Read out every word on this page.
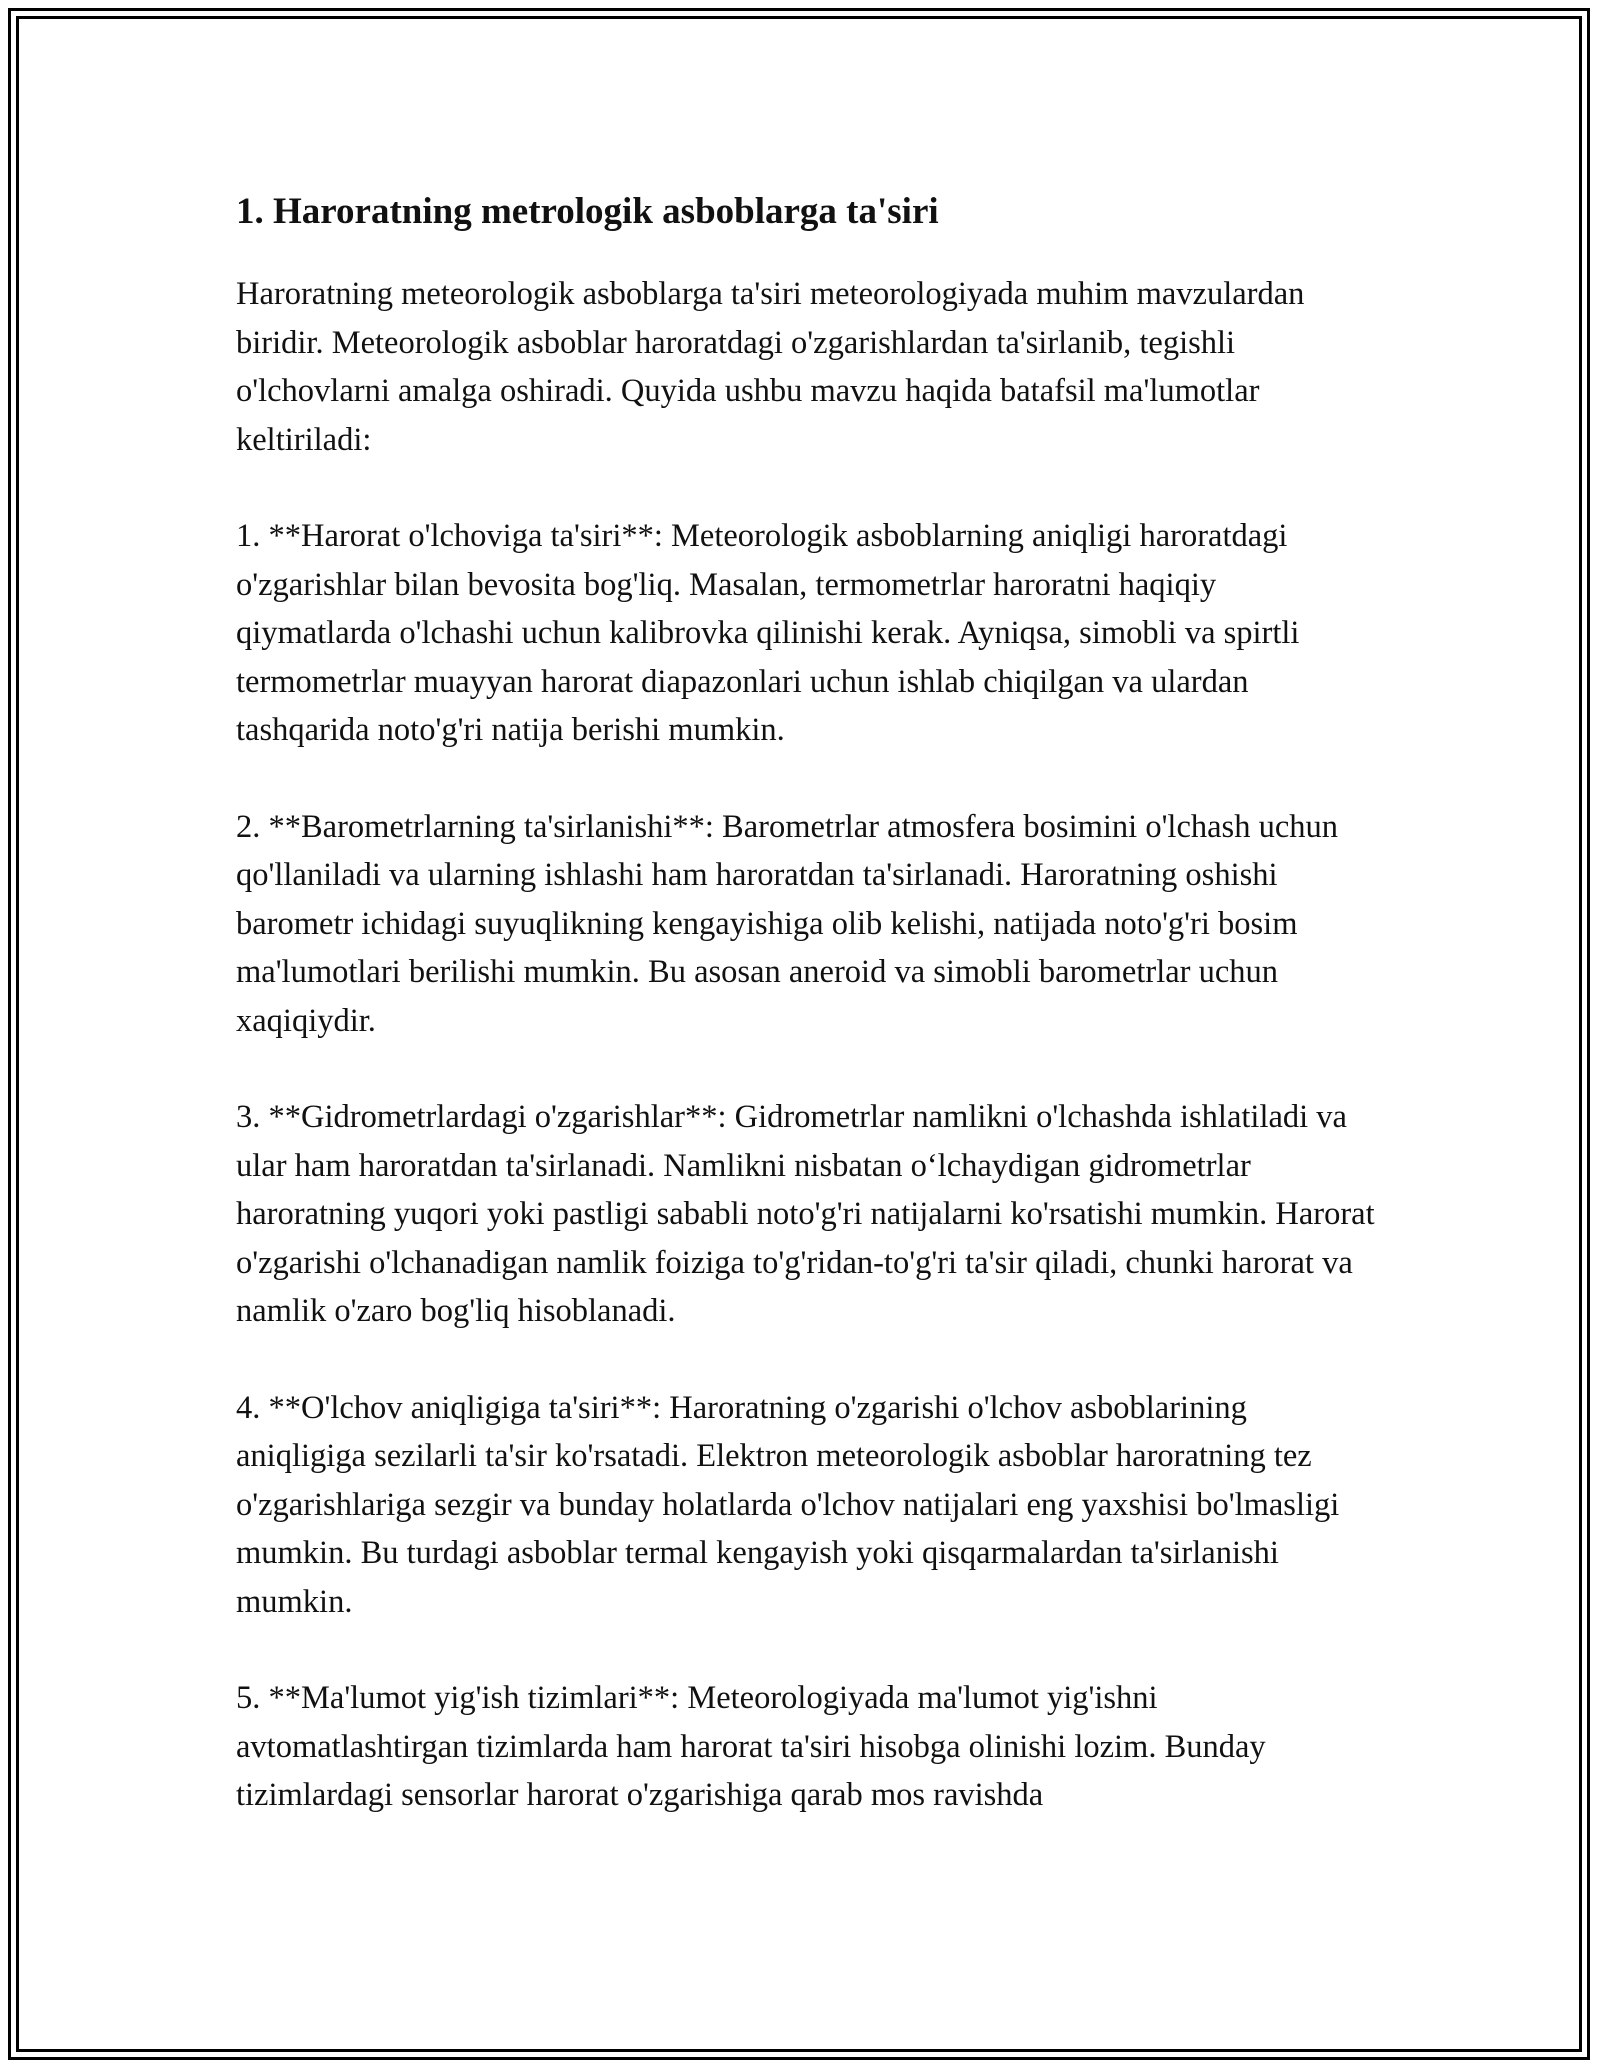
1. Haroratning metrologik asboblarga ta'siri

Haroratning meteorologik asboblarga ta'siri meteorologiyada muhim mavzulardan biridir. Meteorologik asboblar haroratdagi o'zgarishlardan ta'sirlanib, tegishli o'lchovlarni amalga oshiradi. Quyida ushbu mavzu haqida batafsil ma'lumotlar keltiriladi:

1. **Harorat o'lchoviga ta'siri**: Meteorologik asboblarning aniqligi haroratdagi o'zgarishlar bilan bevosita bog'liq. Masalan, termometrlar haroratni haqiqiy qiymatlarda o'lchashi uchun kalibrovka qilinishi kerak. Ayniqsa, simobli va spirtli termometrlar muayyan harorat diapazonlari uchun ishlab chiqilgan va ulardan tashqarida noto'g'ri natija berishi mumkin.

2. **Barometrlarning ta'sirlanishi**: Barometrlar atmosfera bosimini o'lchash uchun qo'llaniladi va ularning ishlashi ham haroratdan ta'sirlanadi. Haroratning oshishi barometr ichidagi suyuqlikning kengayishiga olib kelishi, natijada noto'g'ri bosim ma'lumotlari berilishi mumkin. Bu asosan aneroid va simobli barometrlar uchun xaqiqiydir.

3. **Gidrometrlardagi o'zgarishlar**: Gidrometrlar namlikni o'lchashda ishlatiladi va ular ham haroratdan ta'sirlanadi. Namlikni nisbatan o‘lchaydigan gidrometrlar haroratning yuqori yoki pastligi sababli noto'g'ri natijalarni ko'rsatishi mumkin. Harorat o'zgarishi o'lchanadigan namlik foiziga to'g'ridan-to'g'ri ta'sir qiladi, chunki harorat va namlik o'zaro bog'liq hisoblanadi.

4. **O'lchov aniqligiga ta'siri**: Haroratning o'zgarishi o'lchov asboblarining aniqligiga sezilarli ta'sir ko'rsatadi. Elektron meteorologik asboblar haroratning tez o'zgarishlariga sezgir va bunday holatlarda o'lchov natijalari eng yaxshisi bo'lmasligi mumkin. Bu turdagi asboblar termal kengayish yoki qisqarmalardan ta'sirlanishi mumkin.

5. **Ma'lumot yig'ish tizimlari**: Meteorologiyada ma'lumot yig'ishni avtomatlashtirgan tizimlarda ham harorat ta'siri hisobga olinishi lozim. Bunday tizimlardagi sensorlar harorat o'zgarishiga qarab mos ravishda
